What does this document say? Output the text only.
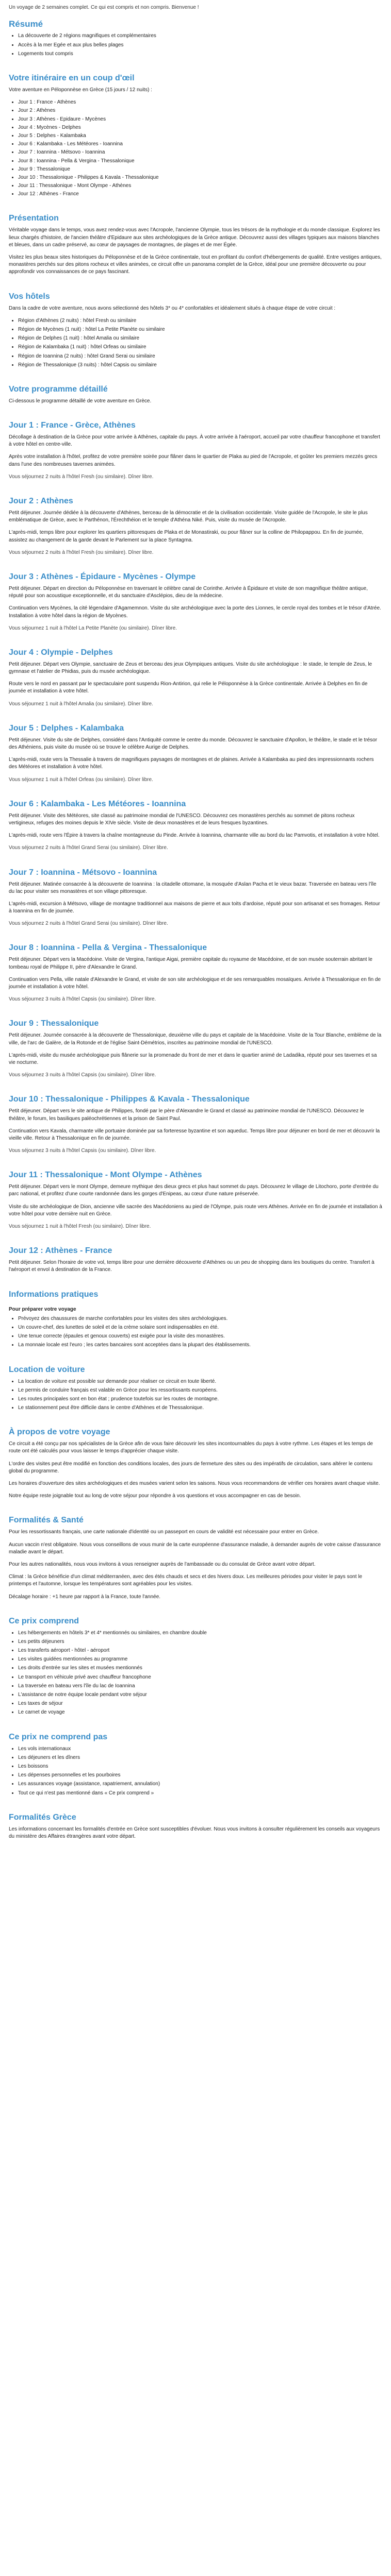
Un voyage de 2 semaines complet. Ce qui est compris et non compris. Bienvenue !

Résumé
• La découverte de 2 régions magnifiques et complémentaires
• Accès à la mer Egée et aux plus belles plages
• Logements tout compris
Votre itinéraire en un coup d'œil

Votre aventure en Péloponnèse en Grèce (15 jours / 12 nuits) :

• Jour 1 : France - Athènes
• Jour 2 : Athènes
• Jour 3 : Athènes - Epidaure - Mycènes
• Jour 4 : Mycènes - Delphes
• Jour 5 : Delphes - Kalambaka
• Jour 6 : Kalambaka - Les Météores - Ioannina
• Jour 7 : Ioannina - Métsovo - Ioannina
• Jour 8 : Ioannina - Pella & Vergina - Thessalonique
• Jour 9 : Thessalonique
• Jour 10 : Thessalonique - Philippes & Kavala - Thessalonique
• Jour 11 : Thessalonique - Mont Olympe - Athènes
• Jour 12 : Athènes - France
Présentation

Véritable voyage dans le temps, vous avez rendez-vous avec l'Acropole, l'ancienne Olympie, tous les trésors de la mythologie et du monde classique. Explorez les lieux chargés d'histoire, de l'ancien théâtre d'Epidaure aux sites archéologiques de la Grèce antique. Découvrez aussi des villages typiques aux maisons blanches et bleues, dans un cadre préservé, au cœur de paysages de montagnes, de plages et de mer Égée.

Visitez les plus beaux sites historiques du Péloponnèse et de la Grèce continentale, tout en profitant du confort d'hébergements de qualité. Entre vestiges antiques, monastères perchés sur des pitons rocheux et villes animées, ce circuit offre un panorama complet de la Grèce, idéal pour une première découverte ou pour approfondir vos connaissances de ce pays fascinant.

Vos hôtels

Dans la cadre de votre aventure, nous avons sélectionné des hôtels 3* ou 4* confortables et idéalement situés à chaque étape de votre circuit :

• Région d'Athènes (2 nuits) : hôtel Fresh ou similaire
• Région de Mycènes (1 nuit) : hôtel La Petite Planète ou similaire
• Région de Delphes (1 nuit) : hôtel Amalia ou similaire
• Région de Kalambaka (1 nuit) : hôtel Orfeas ou similaire
• Région de Ioannina (2 nuits) : hôtel Grand Serai ou similaire
• Région de Thessalonique (3 nuits) : hôtel Capsis ou similaire
Votre programme détaillé

Ci-dessous le programme détaillé de votre aventure en Grèce.

Jour 1 : France - Grèce, Athènes

Décollage à destination de la Grèce pour votre arrivée à Athènes, capitale du pays. À votre arrivée à l'aéroport, accueil par votre chauffeur francophone et transfert à votre hôtel en centre-ville.

Après votre installation à l'hôtel, profitez de votre première soirée pour flâner dans le quartier de Plaka au pied de l'Acropole, et goûter les premiers mezzés grecs dans l'une des nombreuses tavernes animées.

Vous séjournez 2 nuits à l'hôtel Fresh (ou similaire). Dîner libre.

Jour 2 : Athènes

Petit déjeuner. Journée dédiée à la découverte d'Athènes, berceau de la démocratie et de la civilisation occidentale. Visite guidée de l'Acropole, le site le plus emblématique de Grèce, avec le Parthénon, l'Érechthéion et le temple d'Athéna Niké. Puis, visite du musée de l'Acropole.

L'après-midi, temps libre pour explorer les quartiers pittoresques de Plaka et de Monastiraki, ou pour flâner sur la colline de Philopappou. En fin de journée, assistez au changement de la garde devant le Parlement sur la place Syntagma.

Vous séjournez 2 nuits à l'hôtel Fresh (ou similaire). Dîner libre.

Jour 3 : Athènes - Épidaure - Mycènes - Olympe

Petit déjeuner. Départ en direction du Péloponnèse en traversant le célèbre canal de Corinthe. Arrivée à Épidaure et visite de son magnifique théâtre antique, réputé pour son acoustique exceptionnelle, et du sanctuaire d'Asclépios, dieu de la médecine.

Continuation vers Mycènes, la cité légendaire d'Agamemnon. Visite du site archéologique avec la porte des Lionnes, le cercle royal des tombes et le trésor d'Atrée. Installation à votre hôtel dans la région de Mycènes.

Vous séjournez 1 nuit à l'hôtel La Petite Planète (ou similaire). Dîner libre.

Jour 4 : Olympie - Delphes

Petit déjeuner. Départ vers Olympie, sanctuaire de Zeus et berceau des jeux Olympiques antiques. Visite du site archéologique : le stade, le temple de Zeus, le gymnase et l'atelier de Phidias, puis du musée archéologique.

Route vers le nord en passant par le spectaculaire pont suspendu Rion-Antirion, qui relie le Péloponnèse à la Grèce continentale. Arrivée à Delphes en fin de journée et installation à votre hôtel.

Vous séjournez 1 nuit à l'hôtel Amalia (ou similaire). Dîner libre.

Jour 5 : Delphes - Kalambaka

Petit déjeuner. Visite du site de Delphes, considéré dans l'Antiquité comme le centre du monde. Découvrez le sanctuaire d'Apollon, le théâtre, le stade et le trésor des Athéniens, puis visite du musée où se trouve le célèbre Aurige de Delphes.

L'après-midi, route vers la Thessalie à travers de magnifiques paysages de montagnes et de plaines. Arrivée à Kalambaka au pied des impressionnants rochers des Météores et installation à votre hôtel.

Vous séjournez 1 nuit à l'hôtel Orfeas (ou similaire). Dîner libre.

Jour 6 : Kalambaka - Les Météores - Ioannina

Petit déjeuner. Visite des Météores, site classé au patrimoine mondial de l'UNESCO. Découvrez ces monastères perchés au sommet de pitons rocheux vertigineux, refuges des moines depuis le XIVe siècle. Visite de deux monastères et de leurs fresques byzantines.

L'après-midi, route vers l'Épire à travers la chaîne montagneuse du Pinde. Arrivée à Ioannina, charmante ville au bord du lac Pamvotis, et installation à votre hôtel.

Vous séjournez 2 nuits à l'hôtel Grand Serai (ou similaire). Dîner libre.

Jour 7 : Ioannina - Métsovo - Ioannina

Petit déjeuner. Matinée consacrée à la découverte de Ioannina : la citadelle ottomane, la mosquée d'Aslan Pacha et le vieux bazar. Traversée en bateau vers l'île du lac pour visiter ses monastères et son village pittoresque.

L'après-midi, excursion à Métsovo, village de montagne traditionnel aux maisons de pierre et aux toits d'ardoise, réputé pour son artisanat et ses fromages. Retour à Ioannina en fin de journée.

Vous séjournez 2 nuits à l'hôtel Grand Serai (ou similaire). Dîner libre.

Jour 8 : Ioannina - Pella & Vergina - Thessalonique

Petit déjeuner. Départ vers la Macédoine. Visite de Vergina, l'antique Aigai, première capitale du royaume de Macédoine, et de son musée souterrain abritant le tombeau royal de Philippe II, père d'Alexandre le Grand.

Continuation vers Pella, ville natale d'Alexandre le Grand, et visite de son site archéologique et de ses remarquables mosaïques. Arrivée à Thessalonique en fin de journée et installation à votre hôtel.

Vous séjournez 3 nuits à l'hôtel Capsis (ou similaire). Dîner libre.

Jour 9 : Thessalonique

Petit déjeuner. Journée consacrée à la découverte de Thessalonique, deuxième ville du pays et capitale de la Macédoine. Visite de la Tour Blanche, emblème de la ville, de l'arc de Galère, de la Rotonde et de l'église Saint-Démétrios, inscrites au patrimoine mondial de l'UNESCO.

L'après-midi, visite du musée archéologique puis flânerie sur la promenade du front de mer et dans le quartier animé de Ladadika, réputé pour ses tavernes et sa vie nocturne.

Vous séjournez 3 nuits à l'hôtel Capsis (ou similaire). Dîner libre.

Jour 10 : Thessalonique - Philippes & Kavala - Thessalonique

Petit déjeuner. Départ vers le site antique de Philippes, fondé par le père d'Alexandre le Grand et classé au patrimoine mondial de l'UNESCO. Découvrez le théâtre, le forum, les basiliques paléochrétiennes et la prison de Saint Paul.

Continuation vers Kavala, charmante ville portuaire dominée par sa forteresse byzantine et son aqueduc. Temps libre pour déjeuner en bord de mer et découvrir la vieille ville. Retour à Thessalonique en fin de journée.

Vous séjournez 3 nuits à l'hôtel Capsis (ou similaire). Dîner libre.

Jour 11 : Thessalonique - Mont Olympe - Athènes

Petit déjeuner. Départ vers le mont Olympe, demeure mythique des dieux grecs et plus haut sommet du pays. Découvrez le village de Litochoro, porte d'entrée du parc national, et profitez d'une courte randonnée dans les gorges d'Enipeas, au cœur d'une nature préservée.

Visite du site archéologique de Dion, ancienne ville sacrée des Macédoniens au pied de l'Olympe, puis route vers Athènes. Arrivée en fin de journée et installation à votre hôtel pour votre dernière nuit en Grèce.

Vous séjournez 1 nuit à l'hôtel Fresh (ou similaire). Dîner libre.

Jour 12 : Athènes - France

Petit déjeuner. Selon l'horaire de votre vol, temps libre pour une dernière découverte d'Athènes ou un peu de shopping dans les boutiques du centre. Transfert à l'aéroport et envol à destination de la France.

Informations pratiques

Pour préparer votre voyage

• Prévoyez des chaussures de marche confortables pour les visites des sites archéologiques.
• Un couvre-chef, des lunettes de soleil et de la crème solaire sont indispensables en été.
• Une tenue correcte (épaules et genoux couverts) est exigée pour la visite des monastères.
• La monnaie locale est l'euro ; les cartes bancaires sont acceptées dans la plupart des établissements.
Location de voiture
• La location de voiture est possible sur demande pour réaliser ce circuit en toute liberté.
• Le permis de conduire français est valable en Grèce pour les ressortissants européens.
• Les routes principales sont en bon état ; prudence toutefois sur les routes de montagne.
• Le stationnement peut être difficile dans le centre d'Athènes et de Thessalonique.
À propos de votre voyage

Ce circuit a été conçu par nos spécialistes de la Grèce afin de vous faire découvrir les sites incontournables du pays à votre rythme. Les étapes et les temps de route ont été calculés pour vous laisser le temps d'apprécier chaque visite.

L'ordre des visites peut être modifié en fonction des conditions locales, des jours de fermeture des sites ou des impératifs de circulation, sans altérer le contenu global du programme.

Les horaires d'ouverture des sites archéologiques et des musées varient selon les saisons. Nous vous recommandons de vérifier ces horaires avant chaque visite.

Notre équipe reste joignable tout au long de votre séjour pour répondre à vos questions et vous accompagner en cas de besoin.

Formalités & Santé

Pour les ressortissants français, une carte nationale d'identité ou un passeport en cours de validité est nécessaire pour entrer en Grèce.

Aucun vaccin n'est obligatoire. Nous vous conseillons de vous munir de la carte européenne d'assurance maladie, à demander auprès de votre caisse d'assurance maladie avant le départ.

Pour les autres nationalités, nous vous invitons à vous renseigner auprès de l'ambassade ou du consulat de Grèce avant votre départ.

Climat : la Grèce bénéficie d'un climat méditerranéen, avec des étés chauds et secs et des hivers doux. Les meilleures périodes pour visiter le pays sont le printemps et l'automne, lorsque les températures sont agréables pour les visites.

Décalage horaire : +1 heure par rapport à la France, toute l'année.

Ce prix comprend
• Les hébergements en hôtels 3* et 4* mentionnés ou similaires, en chambre double
• Les petits déjeuners
• Les transferts aéroport - hôtel - aéroport
• Les visites guidées mentionnées au programme
• Les droits d'entrée sur les sites et musées mentionnés
• Le transport en véhicule privé avec chauffeur francophone
• La traversée en bateau vers l'île du lac de Ioannina
• L'assistance de notre équipe locale pendant votre séjour
• Les taxes de séjour
• Le carnet de voyage
Ce prix ne comprend pas
• Les vols internationaux
• Les déjeuners et les dîners
• Les boissons
• Les dépenses personnelles et les pourboires
• Les assurances voyage (assistance, rapatriement, annulation)
• Tout ce qui n'est pas mentionné dans « Ce prix comprend »
Formalités Grèce

Les informations concernant les formalités d'entrée en Grèce sont susceptibles d'évoluer. Nous vous invitons à consulter régulièrement les conseils aux voyageurs du ministère des Affaires étrangères avant votre départ.
